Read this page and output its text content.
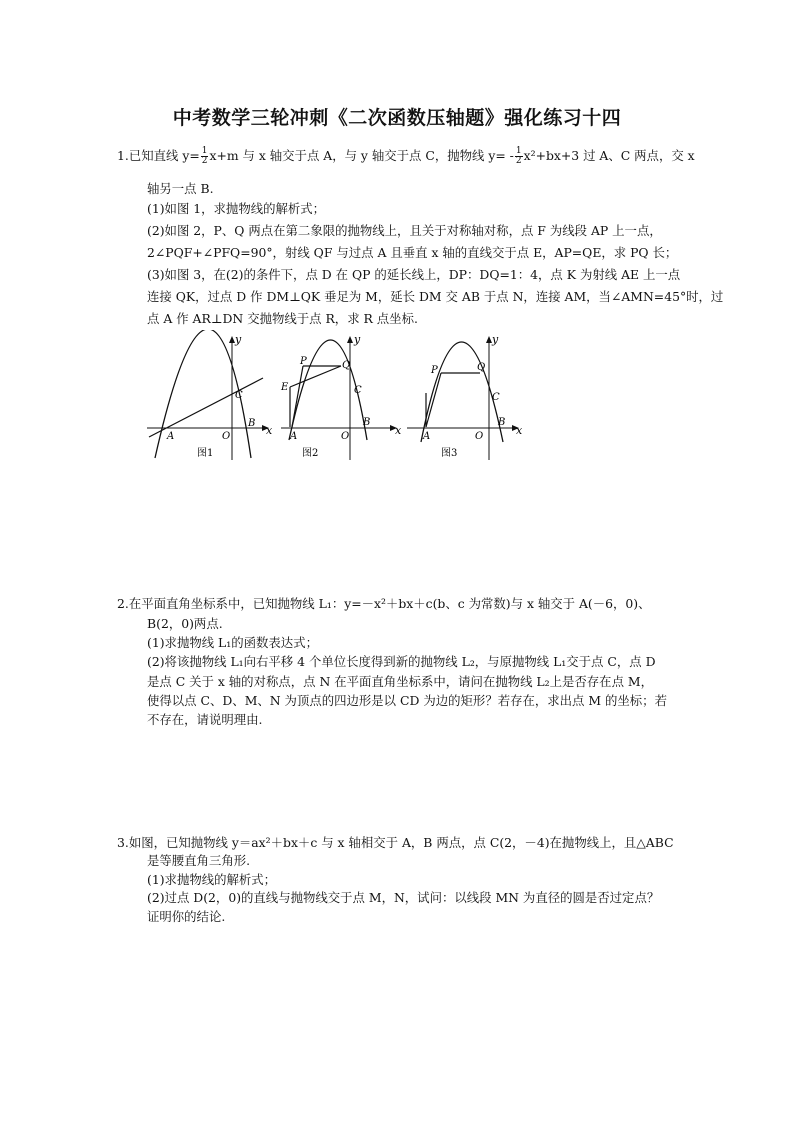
中考数学三轮冲刺《二次函数压轴题》强化练习十四
1.已知直线 $y= \frac{1}{2} x+m$ 与 x 轴交于点 A，与 y 轴交于点 C，抛物线 $y= - \frac{1}{2} x^2+bx+3$ 过 A、C 两点，交 x
轴另一点 B.
(1)如图 1，求抛物线的解析式；
(2)如图 2，P、Q 两点在第二象限的抛物线上，且关于对称轴对称，点 F 为线段 AP 上一点，
2∠PQF+∠PFQ=90°，射线 QF 与过点 A 且垂直 x 轴的直线交于点 E，AP=QE，求 PQ 长；
(3)如图 3，在(2)的条件下，点 D 在 QP 的延长线上，DP：DQ=1：4，点 K 为射线 AE 上一点
连接 QK，过点 D 作 DM⊥QK 垂足为 M，延长 DM 交 AB 于点 N，连接 AM，当∠AMN=45°时，过
点 A 作 AR⊥DN 交抛物线于点 R，求 R 点坐标.
y
x
A	O
C
B
图1
y
x
A	O
C
B
P	Q
E
图2
y
x
A	O
C
B
P	Q
图3
2.在平面直角坐标系中，已知抛物线 L₁：y=－x²＋bx＋c(b、c 为常数)与 x 轴交于 A(－6，0)、
B(2，0)两点.
(1)求抛物线 L₁的函数表达式；
(2)将该抛物线 L₁向右平移 4 个单位长度得到新的抛物线 L₂，与原抛物线 L₁交于点 C，点 D
是点 C 关于 x 轴的对称点，点 N 在平面直角坐标系中，请问在抛物线 L₂上是否存在点 M，
使得以点 C、D、M、N 为顶点的四边形是以 CD 为边的矩形？若存在，求出点 M 的坐标；若
不存在，请说明理由.
3.如图，已知抛物线 y＝ax²＋bx＋c 与 x 轴相交于 A，B 两点，点 C(2，－4)在抛物线上，且△ABC
是等腰直角三角形.
(1)求抛物线的解析式；
(2)过点 D(2，0)的直线与抛物线交于点 M，N，试问：以线段 MN 为直径的圆是否过定点？
证明你的结论.
